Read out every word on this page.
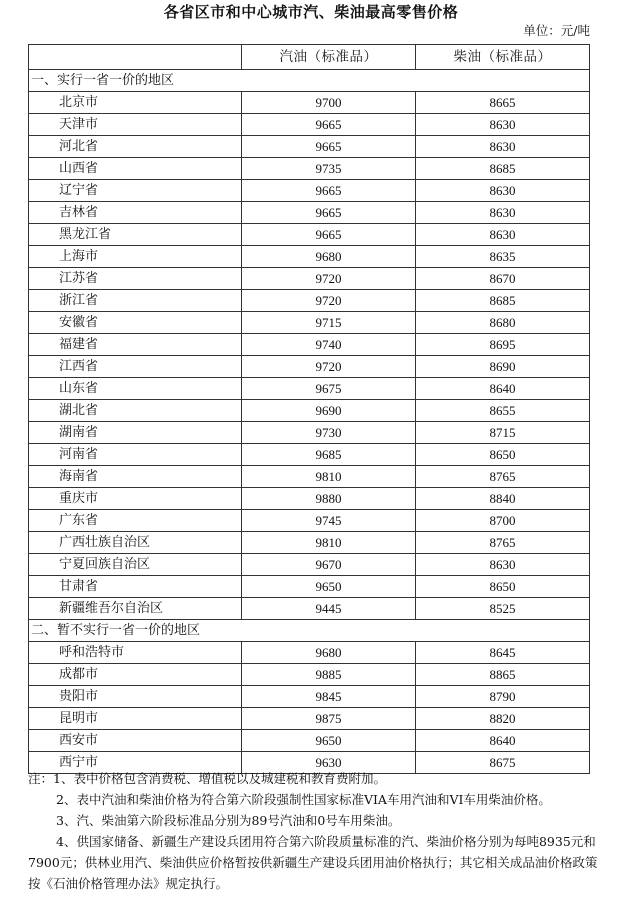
各省区市和中心城市汽、柴油最高零售价格
单位：元/吨
	汽油（标准品）	柴油（标准品）
一、实行一省一价的地区		
北京市	9700	8665
天津市	9665	8630
河北省	9665	8630
山西省	9735	8685
辽宁省	9665	8630
吉林省	9665	8630
黑龙江省	9665	8630
上海市	9680	8635
江苏省	9720	8670
浙江省	9720	8685
安徽省	9715	8680
福建省	9740	8695
江西省	9720	8690
山东省	9675	8640
湖北省	9690	8655
湖南省	9730	8715
河南省	9685	8650
海南省	9810	8765
重庆市	9880	8840
广东省	9745	8700
广西壮族自治区	9810	8765
宁夏回族自治区	9670	8630
甘肃省	9650	8650
新疆维吾尔自治区	9445	8525
二、暂不实行一省一价的地区		
呼和浩特市	9680	8645
成都市	9885	8865
贵阳市	9845	8790
昆明市	9875	8820
西安市	9650	8640
西宁市	9630	8675

注：1、表中价格包含消费税、增值税以及城建税和教育费附加。

2、表中汽油和柴油价格为符合第六阶段强制性国家标准VIA车用汽油和VI车用柴油价格。

3、汽、柴油第六阶段标准品分别为89号汽油和0号车用柴油。

4、供国家储备、新疆生产建设兵团用符合第六阶段质量标准的汽、柴油价格分别为每吨8935元和7900元；供林业用汽、柴油供应价格暂按供新疆生产建设兵团用油价格执行；其它相关成品油价格政策按《石油价格管理办法》规定执行。
